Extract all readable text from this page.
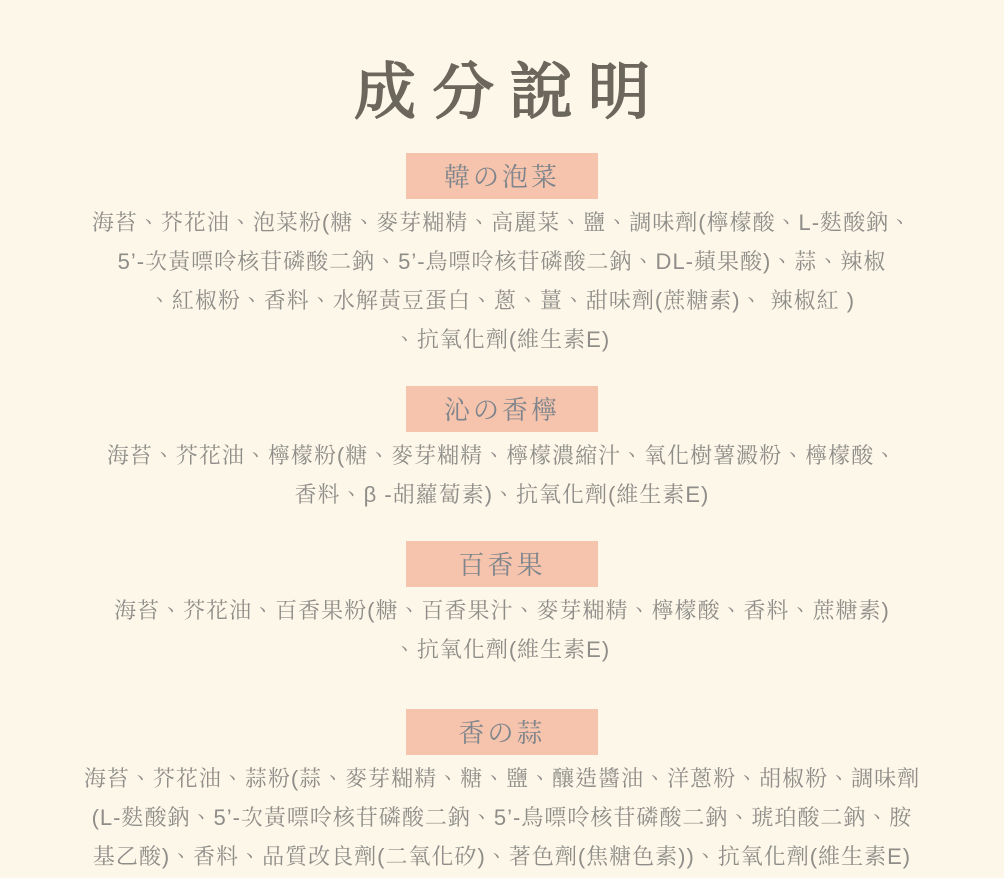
成分說明
韓の泡菜
海苔、芥花油、泡菜粉(糖、麥芽糊精、高麗菜、鹽、調味劑(檸檬酸、L-麩酸鈉、
5’-次黃嘌呤核苷磷酸二鈉、5’-鳥嘌呤核苷磷酸二鈉、DL-蘋果酸)、蒜、辣椒
、紅椒粉、香料、水解黃豆蛋白、蔥、薑、甜味劑(蔗糖素)、 辣椒紅 )
、抗氧化劑(維生素E)
沁の香檸
海苔、芥花油、檸檬粉(糖、麥芽糊精、檸檬濃縮汁、氧化樹薯澱粉、檸檬酸、
香料、β -胡蘿蔔素)、抗氧化劑(維生素E)
百香果
海苔、芥花油、百香果粉(糖、百香果汁、麥芽糊精、檸檬酸、香料、蔗糖素)
、抗氧化劑(維生素E)
香の蒜
海苔、芥花油、蒜粉(蒜、麥芽糊精、糖、鹽、釀造醬油、洋蔥粉、胡椒粉、調味劑
(L-麩酸鈉、5’-次黃嘌呤核苷磷酸二鈉、5’-鳥嘌呤核苷磷酸二鈉、琥珀酸二鈉、胺
基乙酸)、香料、品質改良劑(二氧化矽)、著色劑(焦糖色素))、抗氧化劑(維生素E)
